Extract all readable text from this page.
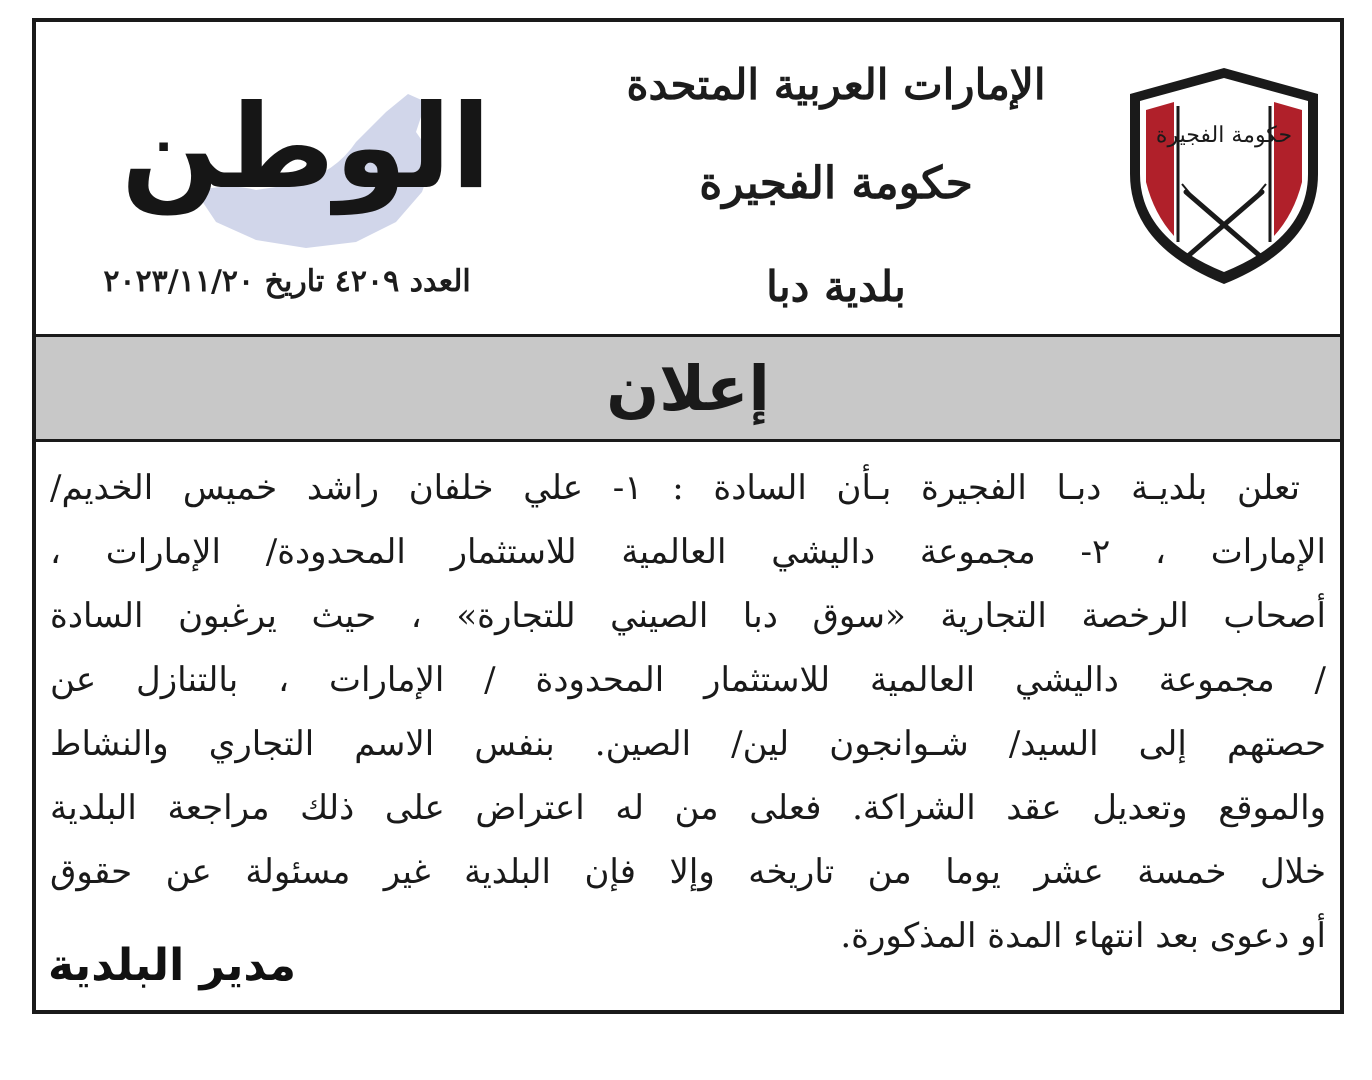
حكومة الفجيرة
الإمارات العربية المتحدة
حكومة الفجيرة
بلدية دبا
الوطن
العدد ٤٢٠٩ تاريخ ٢٠٢٣/١١/٢٠
إعلان
تعلن بلديـة دبـا الفجيرة بـأن السادة : ١- علي خلفان راشد خميس الخديم/
الإمارات ، ٢- مجموعة داليشي العالمية للاستثمار المحدودة/ الإمارات ،
أصحاب الرخصة التجارية «سوق دبا الصيني للتجارة» ، حيث يرغبون السادة
/ مجموعة داليشي العالمية للاستثمار المحدودة / الإمارات ، بالتنازل عن
حصتهم إلى السيد/ شـوانجون لين/ الصين. بنفس الاسم التجاري والنشاط
والموقع وتعديل عقد الشراكة. فعلى من له اعتراض على ذلك مراجعة البلدية
خلال خمسة عشر يوما من تاريخه وإلا فإن البلدية غير مسئولة عن حقوق
أو دعوى بعد انتهاء المدة المذكورة.
مدير البلدية
